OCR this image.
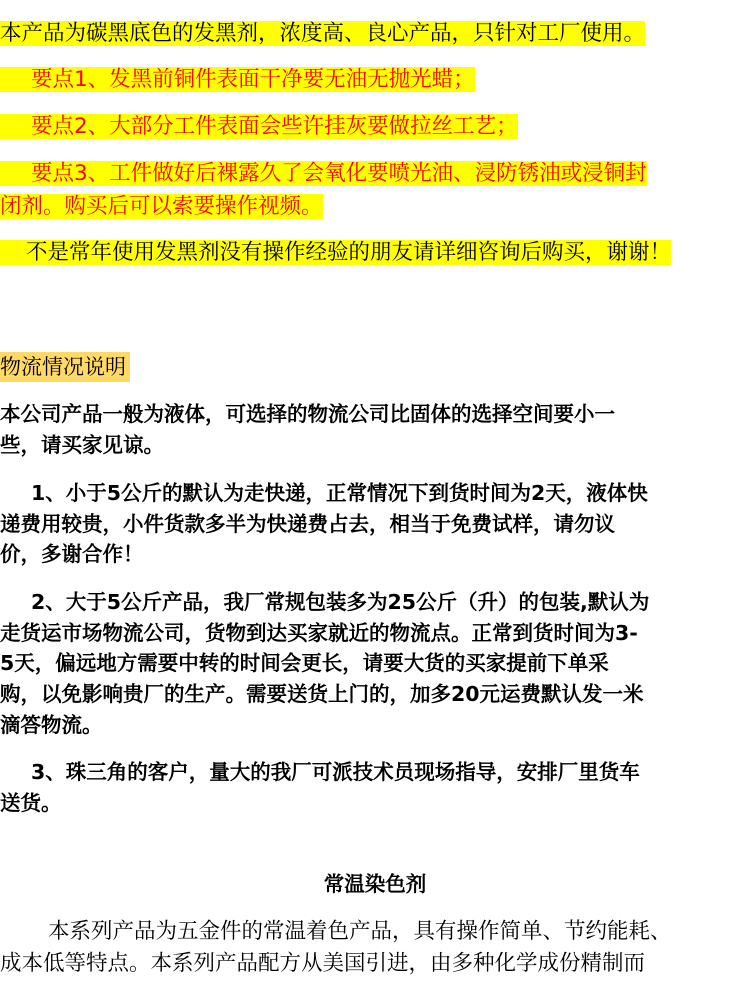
本产品为碳黑底色的发黑剂，浓度高、良心产品，只针对工厂使用。
要点1、发黑前铜件表面干净要无油无抛光蜡；
要点2、大部分工件表面会些许挂灰要做拉丝工艺；
要点3、工件做好后裸露久了会氧化要喷光油、浸防锈油或浸铜封
闭剂。购买后可以索要操作视频。
不是常年使用发黑剂没有操作经验的朋友请详细咨询后购买，谢谢！
物流情况说明
本公司产品一般为液体，可选择的物流公司比固体的选择空间要小一
些，请买家见谅。
1、小于5公斤的默认为走快递，正常情况下到货时间为2天，液体快
递费用较贵，小件货款多半为快递费占去，相当于免费试样，请勿议
价，多谢合作！
2、大于5公斤产品，我厂常规包装多为25公斤（升）的包装,默认为
走货运市场物流公司，货物到达买家就近的物流点。正常到货时间为3-
5天，偏远地方需要中转的时间会更长，请要大货的买家提前下单采
购，以免影响贵厂的生产。需要送货上门的，加多20元运费默认发一米
滴答物流。
3、珠三角的客户，量大的我厂可派技术员现场指导，安排厂里货车
送货。
常温染色剂
本系列产品为五金件的常温着色产品，具有操作简单、节约能耗、
成本低等特点。本系列产品配方从美国引进，由多种化学成份精制而
